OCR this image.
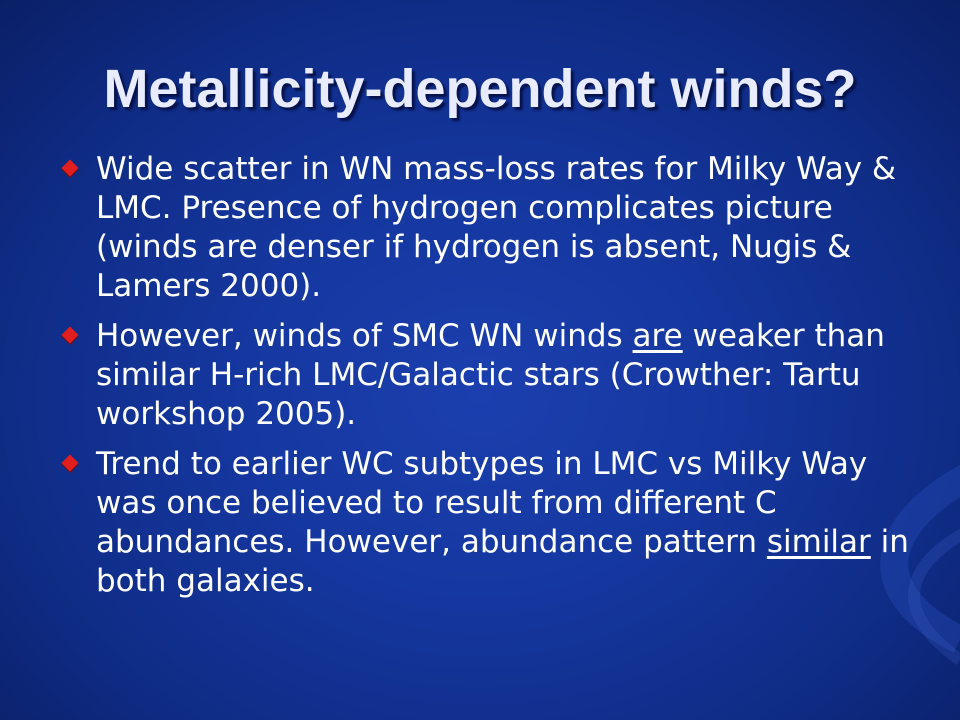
Metallicity-dependent winds?
Wide scatter in WN mass-loss rates for Milky Way & LMC. Presence of hydrogen complicates picture (winds are denser if hydrogen is absent, Nugis & Lamers 2000).
However, winds of SMC WN winds are weaker than similar H-rich LMC/Galactic stars (Crowther: Tartu workshop 2005).
Trend to earlier WC subtypes in LMC vs Milky Way was once believed to result from different C abundances. However, abundance pattern similar in both galaxies.
